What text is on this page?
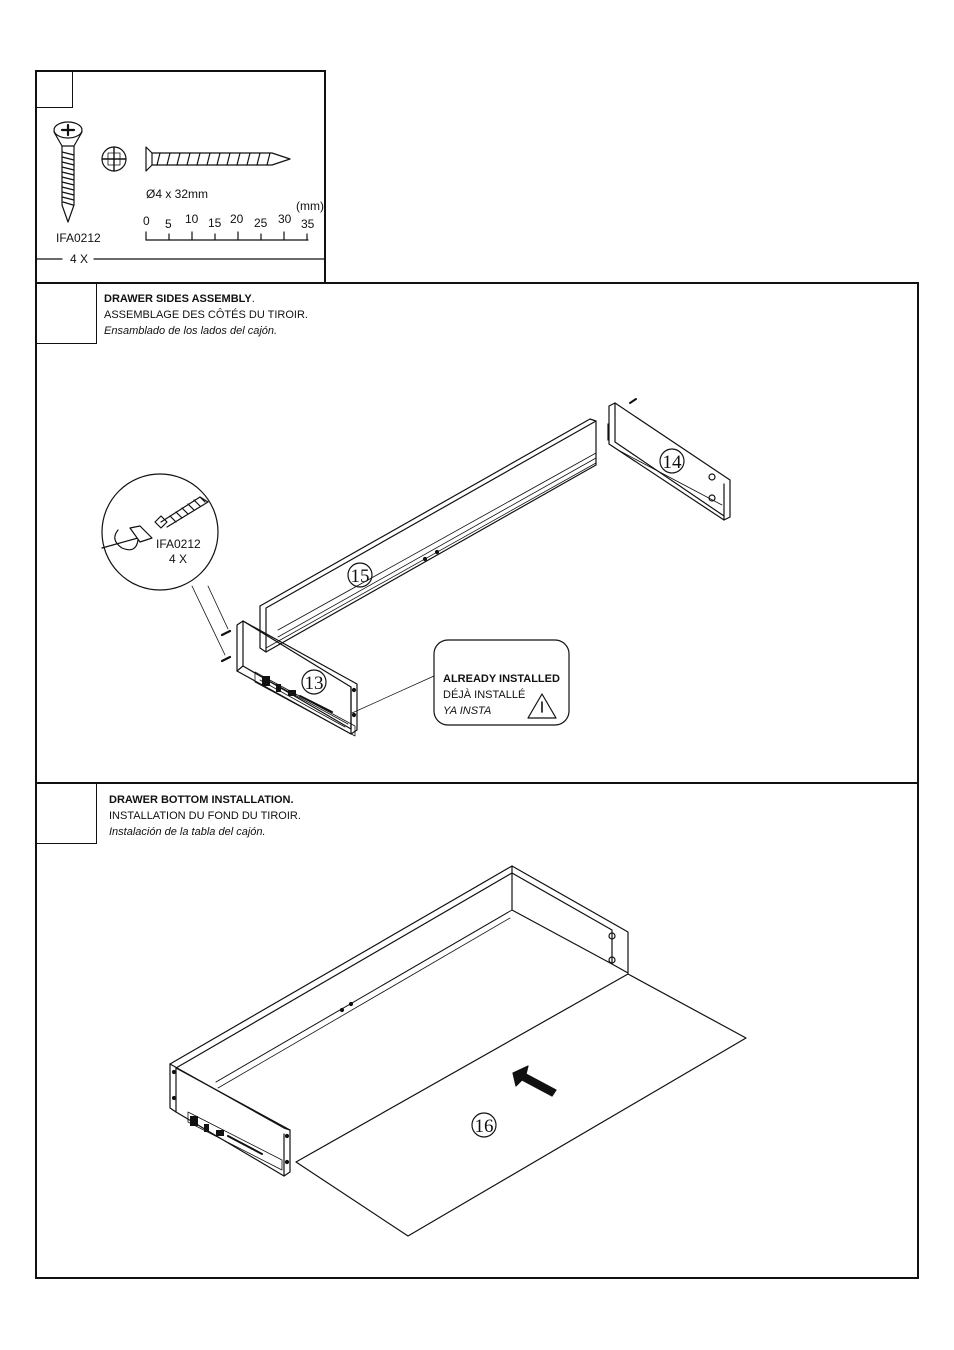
DRAWER SIDES ASSEMBLY.
ASSEMBLAGE DES CÔTÉS DU TIROIR.
Ensamblado de los lados del cajón.
DRAWER BOTTOM INSTALLATION.
INSTALLATION DU FOND DU TIROIR.
Instalación de la tabla del cajón.
Ø4 x 32mm
IFA0212
4 X
(mm)
0 5 10 15 20 25 30 35
IFA0212
4 X
15
14
13
16
ALREADY INSTALLED
DÉJÀ INSTALLÉ
YA INSTA
